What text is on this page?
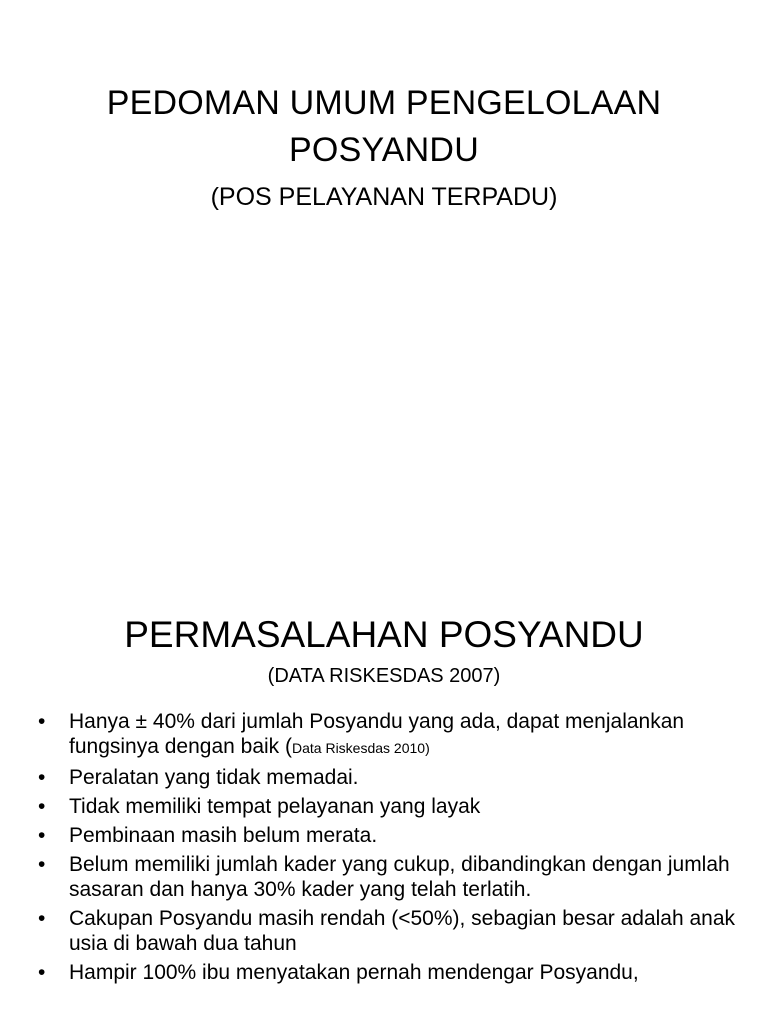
PEDOMAN UMUM PENGELOLAAN
POSYANDU

(POS PELAYANAN TERPADU)

PERMASALAHAN POSYANDU

(DATA RISKESDAS 2007)

• Hanya ± 40% dari jumlah Posyandu yang ada, dapat menjalankan fungsinya dengan baik (Data Riskesdas 2010)
• Peralatan yang tidak memadai.
• Tidak memiliki tempat pelayanan yang layak
• Pembinaan masih belum merata.
• Belum memiliki jumlah kader yang cukup, dibandingkan dengan jumlah sasaran dan hanya 30% kader yang telah terlatih.
• Cakupan Posyandu masih rendah (<50%), sebagian besar adalah anak usia di bawah dua tahun
• Hampir 100% ibu menyatakan pernah mendengar Posyandu,
